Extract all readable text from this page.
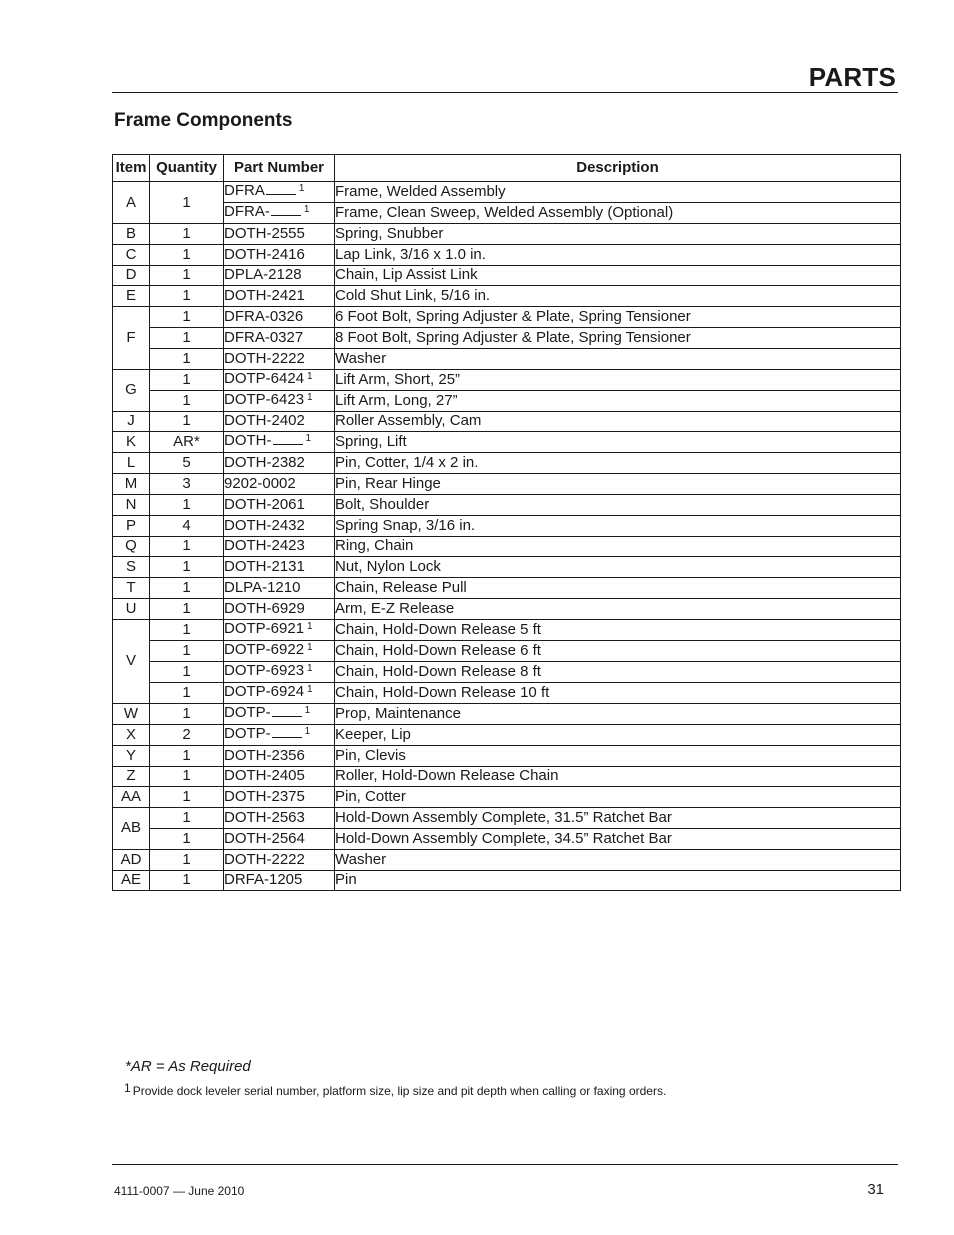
PARTS
Frame Components
Item	Quantity	Part Number	Description
A	1	DFRA $^1$	Frame, Welded Assembly
		DFRA- $^1$	Frame, Clean Sweep, Welded Assembly (Optional)
B	1	DOTH-2555	Spring, Snubber
C	1	DOTH-2416	Lap Link, 3/16 x 1.0 in.
D	1	DPLA-2128	Chain, Lip Assist Link
E	1	DOTH-2421	Cold Shut Link, 5/16 in.
F	1	DFRA-0326	6 Foot Bolt, Spring Adjuster & Plate, Spring Tensioner
	1	DFRA-0327	8 Foot Bolt, Spring Adjuster & Plate, Spring Tensioner
	1	DOTH-2222	Washer
G	1	DOTP-6424 $^1$	Lift Arm, Short, 25”
	1	DOTP-6423 $^1$	Lift Arm, Long, 27”
J	1	DOTH-2402	Roller Assembly, Cam
K	AR*	DOTH- $^1$	Spring, Lift
L	5	DOTH-2382	Pin, Cotter, 1/4 x 2 in.
M	3	9202-0002	Pin, Rear Hinge
N	1	DOTH-2061	Bolt, Shoulder
P	4	DOTH-2432	Spring Snap, 3/16 in.
Q	1	DOTH-2423	Ring, Chain
S	1	DOTH-2131	Nut, Nylon Lock
T	1	DLPA-1210	Chain, Release Pull
U	1	DOTH-6929	Arm, E-Z Release
V	1	DOTP-6921 $^1$	Chain, Hold-Down Release 5 ft
	1	DOTP-6922 $^1$	Chain, Hold-Down Release 6 ft
	1	DOTP-6923 $^1$	Chain, Hold-Down Release 8 ft
	1	DOTP-6924 $^1$	Chain, Hold-Down Release 10 ft
W	1	DOTP- $^1$	Prop, Maintenance
X	2	DOTP- $^1$	Keeper, Lip
Y	1	DOTH-2356	Pin, Clevis
Z	1	DOTH-2405	Roller, Hold-Down Release Chain
AA	1	DOTH-2375	Pin, Cotter
AB	1	DOTH-2563	Hold-Down Assembly Complete, 31.5” Ratchet Bar
	1	DOTH-2564	Hold-Down Assembly Complete, 34.5” Ratchet Bar
AD	1	DOTH-2222	Washer
AE	1	DRFA-1205	Pin
*AR = As Required
1 Provide dock leveler serial number, platform size, lip size and pit depth when calling or faxing orders.
4111-0007 — June 2010	31
